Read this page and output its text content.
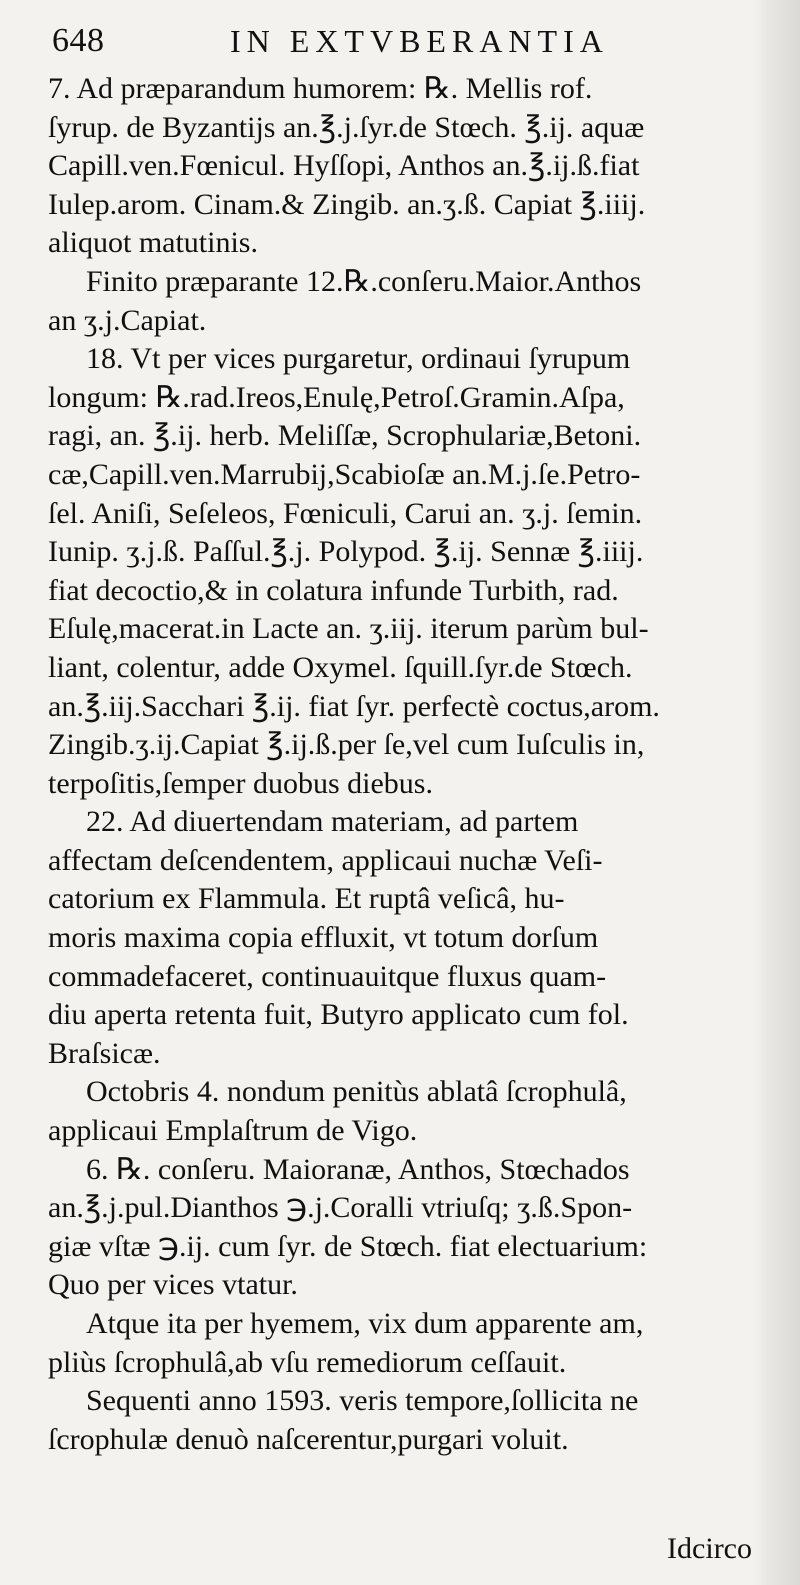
648	IN EXTVBERANTIA
7. Ad præparandum humorem: ℞. Mellis rof.
ſyrup. de Byzantijs an.℥.j.ſyr.de Stœch. ℥.ij. aquæ
Capill.ven.Fœnicul. Hyſſopi, Anthos an.℥.ij.ß.fiat
Iulep.arom. Cinam.& Zingib. an.ʒ.ß. Capiat ℥.iiij.
aliquot matutinis.
Finito præparante 12.℞.conſeru.Maior.Anthos
an ʒ.j.Capiat.
18. Vt per vices purgaretur, ordinaui ſyrupum
longum: ℞.rad.Ireos,Enulę,Petroſ.Gramin.Aſpa,
ragi, an. ℥.ij. herb. Meliſſæ, Scrophulariæ,Betoni.
cæ,Capill.ven.Marrubij,Scabioſæ an.M.j.ſe.Petro-
ſel. Aniſi, Seſeleos, Fœniculi, Carui an. ʒ.j. ſemin.
Iunip. ʒ.j.ß. Paſſul.℥.j. Polypod. ℥.ij. Sennæ ℥.iiij.
fiat decoctio,& in colatura infunde Turbith, rad.
Eſulę,macerat.in Lacte an. ʒ.iij. iterum parùm bul-
liant, colentur, adde Oxymel. ſquill.ſyr.de Stœch.
an.℥.iij.Sacchari ℥.ij. fiat ſyr. perfectè coctus,arom.
Zingib.ʒ.ij.Capiat ℥.ij.ß.per ſe,vel cum Iuſculis in,
terpoſitis,ſemper duobus diebus.
22. Ad diuertendam materiam, ad partem
affectam deſcendentem, applicaui nuchæ Veſi-
catorium ex Flammula. Et ruptâ veſicâ, hu-
moris maxima copia effluxit, vt totum dorſum
commadefaceret, continuauitque fluxus quam-
diu aperta retenta fuit, Butyro applicato cum fol.
Braſsicæ.
Octobris 4. nondum penitùs ablatâ ſcrophulâ,
applicaui Emplaſtrum de Vigo.
6. ℞. conſeru. Maioranæ, Anthos, Stœchados
an.℥.j.pul.Dianthos ℈.j.Coralli vtriuſq; ʒ.ß.Spon-
giæ vſtæ ℈.ij. cum ſyr. de Stœch. fiat electuarium:
Quo per vices vtatur.
Atque ita per hyemem, vix dum apparente am,
pliùs ſcrophulâ,ab vſu remediorum ceſſauit.
Sequenti anno 1593. veris tempore,ſollicita ne
ſcrophulæ denuò naſcerentur,purgari voluit.
Idcirco
